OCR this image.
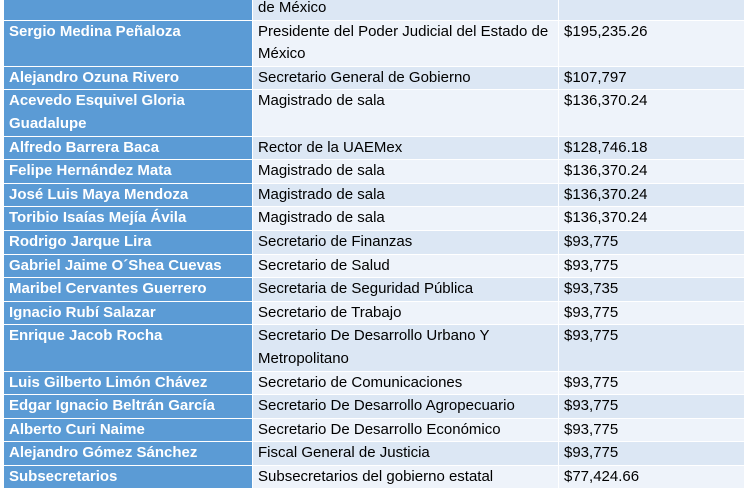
	de México	
Sergio Medina Peñaloza	Presidente del Poder Judicial del Estado de México	$195,235.26
Alejandro Ozuna Rivero	Secretario General de Gobierno	$107,797
Acevedo Esquivel Gloria Guadalupe	Magistrado de sala	$136,370.24
Alfredo Barrera Baca	Rector de la UAEMex	$128,746.18
Felipe Hernández Mata	Magistrado de sala	$136,370.24
José Luis Maya Mendoza	Magistrado de sala	$136,370.24
Toribio Isaías Mejía Ávila	Magistrado de sala	$136,370.24
Rodrigo Jarque Lira	Secretario de Finanzas	$93,775
Gabriel Jaime O´Shea Cuevas	Secretario de Salud	$93,775
Maribel Cervantes Guerrero	Secretaria de Seguridad Pública	$93,735
Ignacio Rubí Salazar	Secretario de Trabajo	$93,775
Enrique Jacob Rocha	Secretario De Desarrollo Urbano Y Metropolitano	$93,775
Luis Gilberto Limón Chávez	Secretario de Comunicaciones	$93,775
Edgar Ignacio Beltrán García	Secretario De Desarrollo Agropecuario	$93,775
Alberto Curi Naime	Secretario De Desarrollo Económico	$93,775
Alejandro Gómez Sánchez	Fiscal General de Justicia	$93,775
Subsecretarios	Subsecretarios del gobierno estatal	$77,424.66
